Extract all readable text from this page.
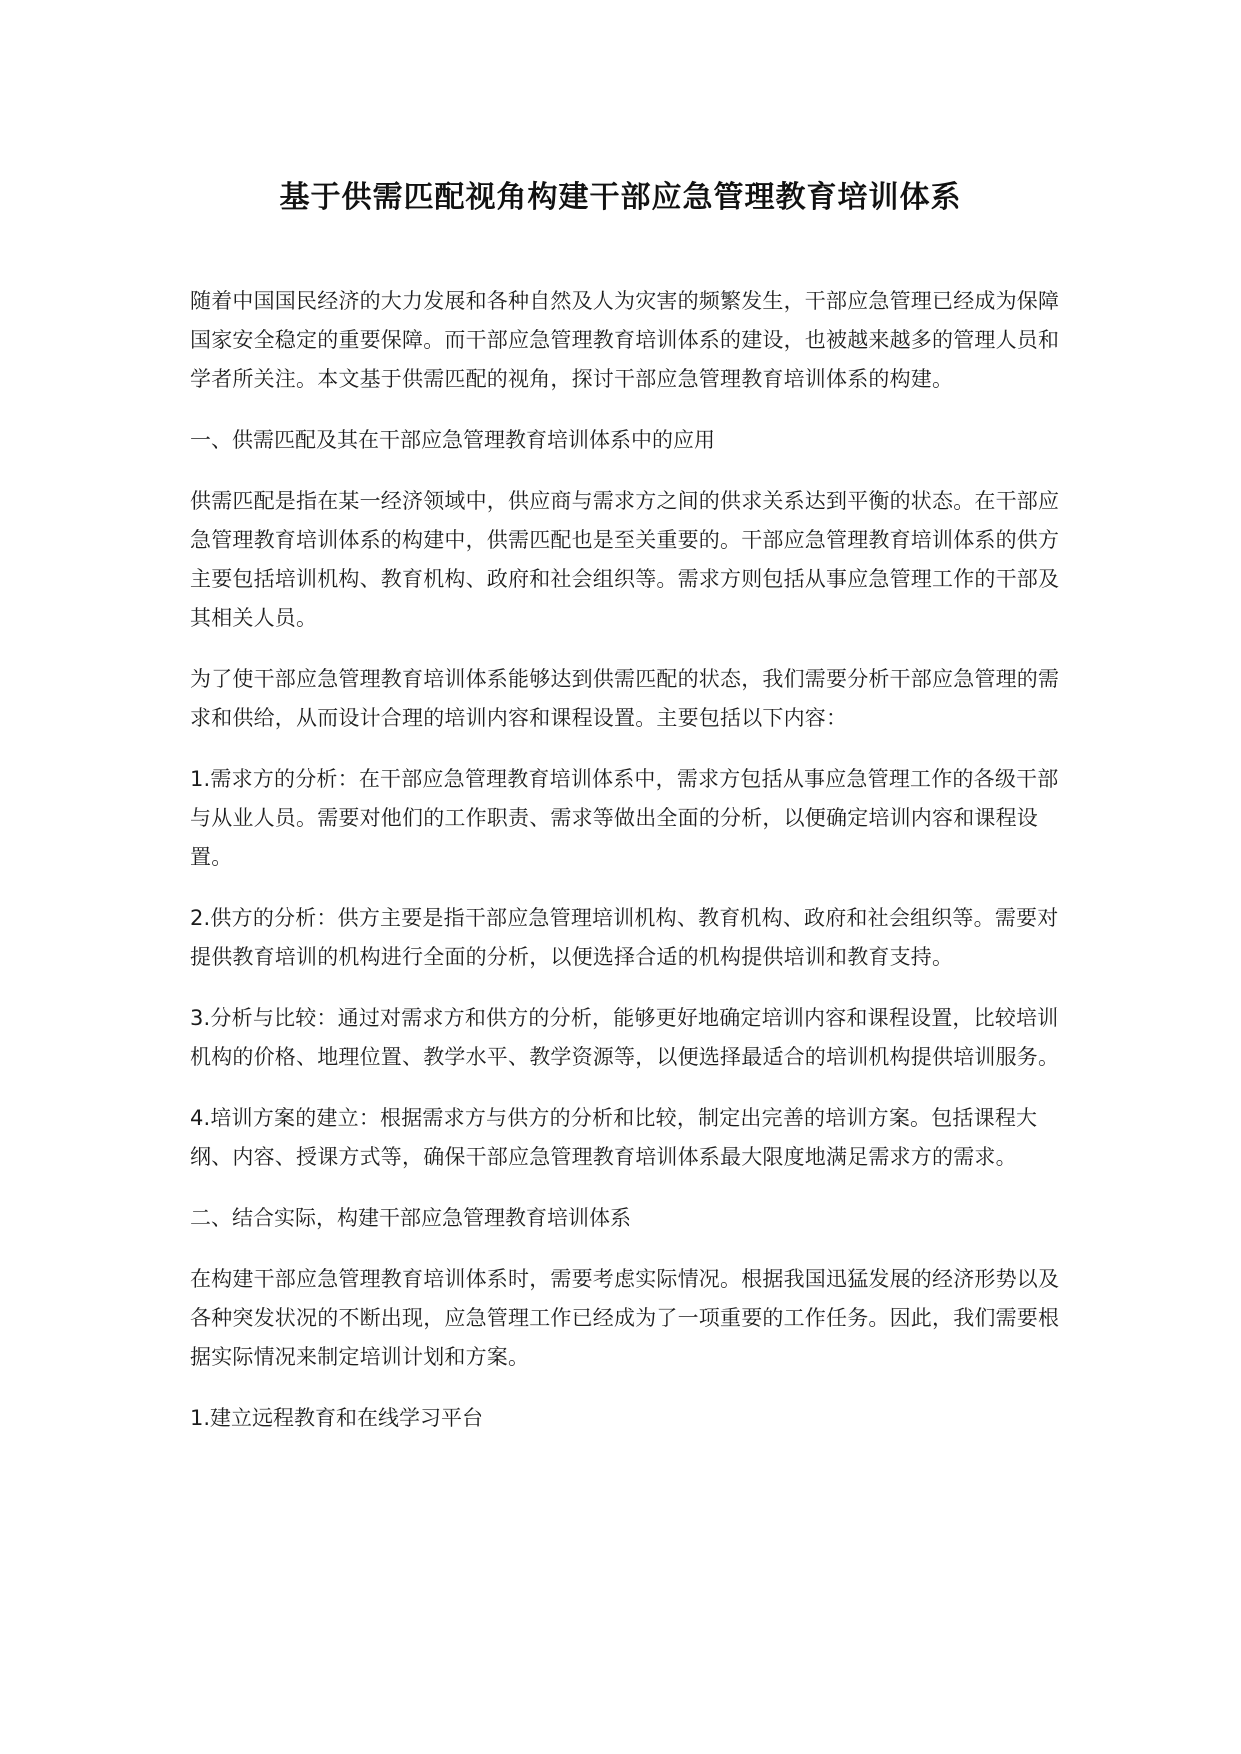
基于供需匹配视角构建干部应急管理教育培训体系

随着中国国民经济的大力发展和各种自然及人为灾害的频繁发生，干部应急管理已经成为保障国家安全稳定的重要保障。而干部应急管理教育培训体系的建设，也被越来越多的管理人员和学者所关注。本文基于供需匹配的视角，探讨干部应急管理教育培训体系的构建。

一、供需匹配及其在干部应急管理教育培训体系中的应用

供需匹配是指在某一经济领域中，供应商与需求方之间的供求关系达到平衡的状态。在干部应急管理教育培训体系的构建中，供需匹配也是至关重要的。干部应急管理教育培训体系的供方主要包括培训机构、教育机构、政府和社会组织等。需求方则包括从事应急管理工作的干部及其相关人员。

为了使干部应急管理教育培训体系能够达到供需匹配的状态，我们需要分析干部应急管理的需求和供给，从而设计合理的培训内容和课程设置。主要包括以下内容：

1.需求方的分析：在干部应急管理教育培训体系中，需求方包括从事应急管理工作的各级干部与从业人员。需要对他们的工作职责、需求等做出全面的分析，以便确定培训内容和课程设置。

2.供方的分析：供方主要是指干部应急管理培训机构、教育机构、政府和社会组织等。需要对提供教育培训的机构进行全面的分析，以便选择合适的机构提供培训和教育支持。

3.分析与比较：通过对需求方和供方的分析，能够更好地确定培训内容和课程设置，比较培训机构的价格、地理位置、教学水平、教学资源等，以便选择最适合的培训机构提供培训服务。

4.培训方案的建立：根据需求方与供方的分析和比较，制定出完善的培训方案。包括课程大纲、内容、授课方式等，确保干部应急管理教育培训体系最大限度地满足需求方的需求。

二、结合实际，构建干部应急管理教育培训体系

在构建干部应急管理教育培训体系时，需要考虑实际情况。根据我国迅猛发展的经济形势以及各种突发状况的不断出现，应急管理工作已经成为了一项重要的工作任务。因此，我们需要根据实际情况来制定培训计划和方案。

1.建立远程教育和在线学习平台
